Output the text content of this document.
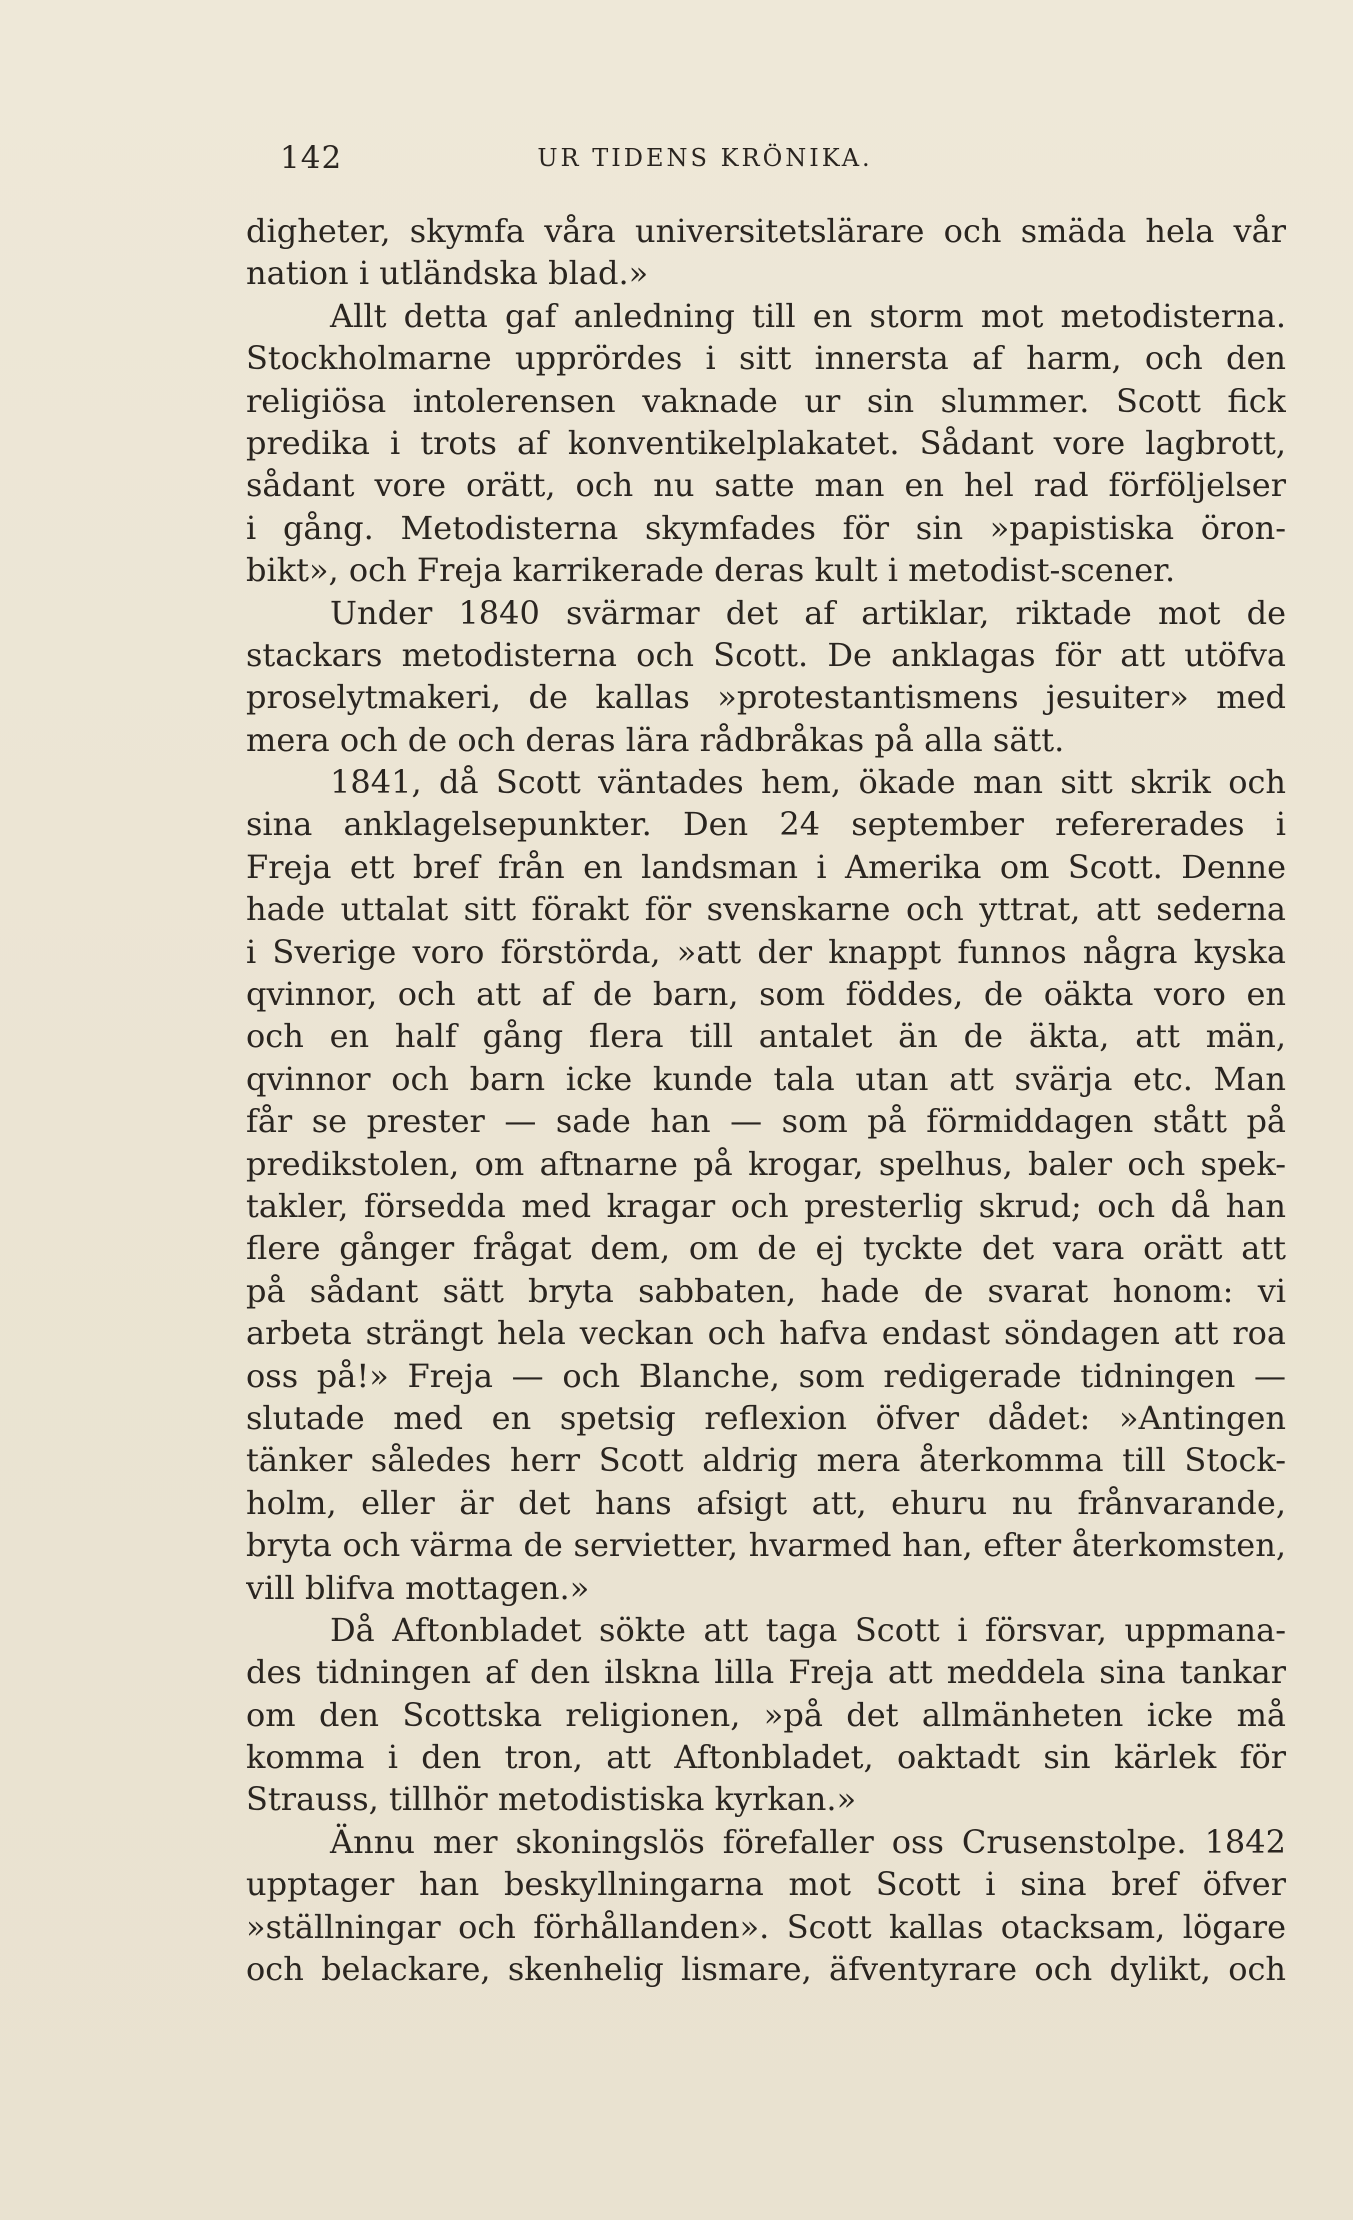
142	UR TIDENS KRÖNIKA.
digheter, skymfa våra universitetslärare och smäda hela vår
nation i utländska blad.»
Allt detta gaf anledning till en storm mot metodisterna.
Stockholmarne upprördes i sitt innersta af harm, och den
religiösa intolerensen vaknade ur sin slummer. Scott fick
predika i trots af konventikelplakatet. Sådant vore lagbrott,
sådant vore orätt, och nu satte man en hel rad förföljelser
i gång. Metodisterna skymfades för sin »papistiska öron-
bikt», och Freja karrikerade deras kult i metodist-scener.
Under 1840 svärmar det af artiklar, riktade mot de
stackars metodisterna och Scott. De anklagas för att utöfva
proselytmakeri, de kallas »protestantismens jesuiter» med
mera och de och deras lära rådbråkas på alla sätt.
1841, då Scott väntades hem, ökade man sitt skrik och
sina anklagelsepunkter. Den 24 september refererades i
Freja ett bref från en landsman i Amerika om Scott. Denne
hade uttalat sitt förakt för svenskarne och yttrat, att sederna
i Sverige voro förstörda, »att der knappt funnos några kyska
qvinnor, och att af de barn, som föddes, de oäkta voro en
och en half gång flera till antalet än de äkta, att män,
qvinnor och barn icke kunde tala utan att svärja etc. Man
får se prester — sade han — som på förmiddagen stått på
predikstolen, om aftnarne på krogar, spelhus, baler och spek-
takler, försedda med kragar och presterlig skrud; och då han
flere gånger frågat dem, om de ej tyckte det vara orätt att
på sådant sätt bryta sabbaten, hade de svarat honom: vi
arbeta strängt hela veckan och hafva endast söndagen att roa
oss på!» Freja — och Blanche, som redigerade tidningen —
slutade med en spetsig reflexion öfver dådet: »Antingen
tänker således herr Scott aldrig mera återkomma till Stock-
holm, eller är det hans afsigt att, ehuru nu frånvarande,
bryta och värma de servietter, hvarmed han, efter återkomsten,
vill blifva mottagen.»
Då Aftonbladet sökte att taga Scott i försvar, uppmana-
des tidningen af den ilskna lilla Freja att meddela sina tankar
om den Scottska religionen, »på det allmänheten icke må
komma i den tron, att Aftonbladet, oaktadt sin kärlek för
Strauss, tillhör metodistiska kyrkan.»
Ännu mer skoningslös förefaller oss Crusenstolpe. 1842
upptager han beskyllningarna mot Scott i sina bref öfver
»ställningar och förhållanden». Scott kallas otacksam, lögare
och belackare, skenhelig lismare, äfventyrare och dylikt, och
